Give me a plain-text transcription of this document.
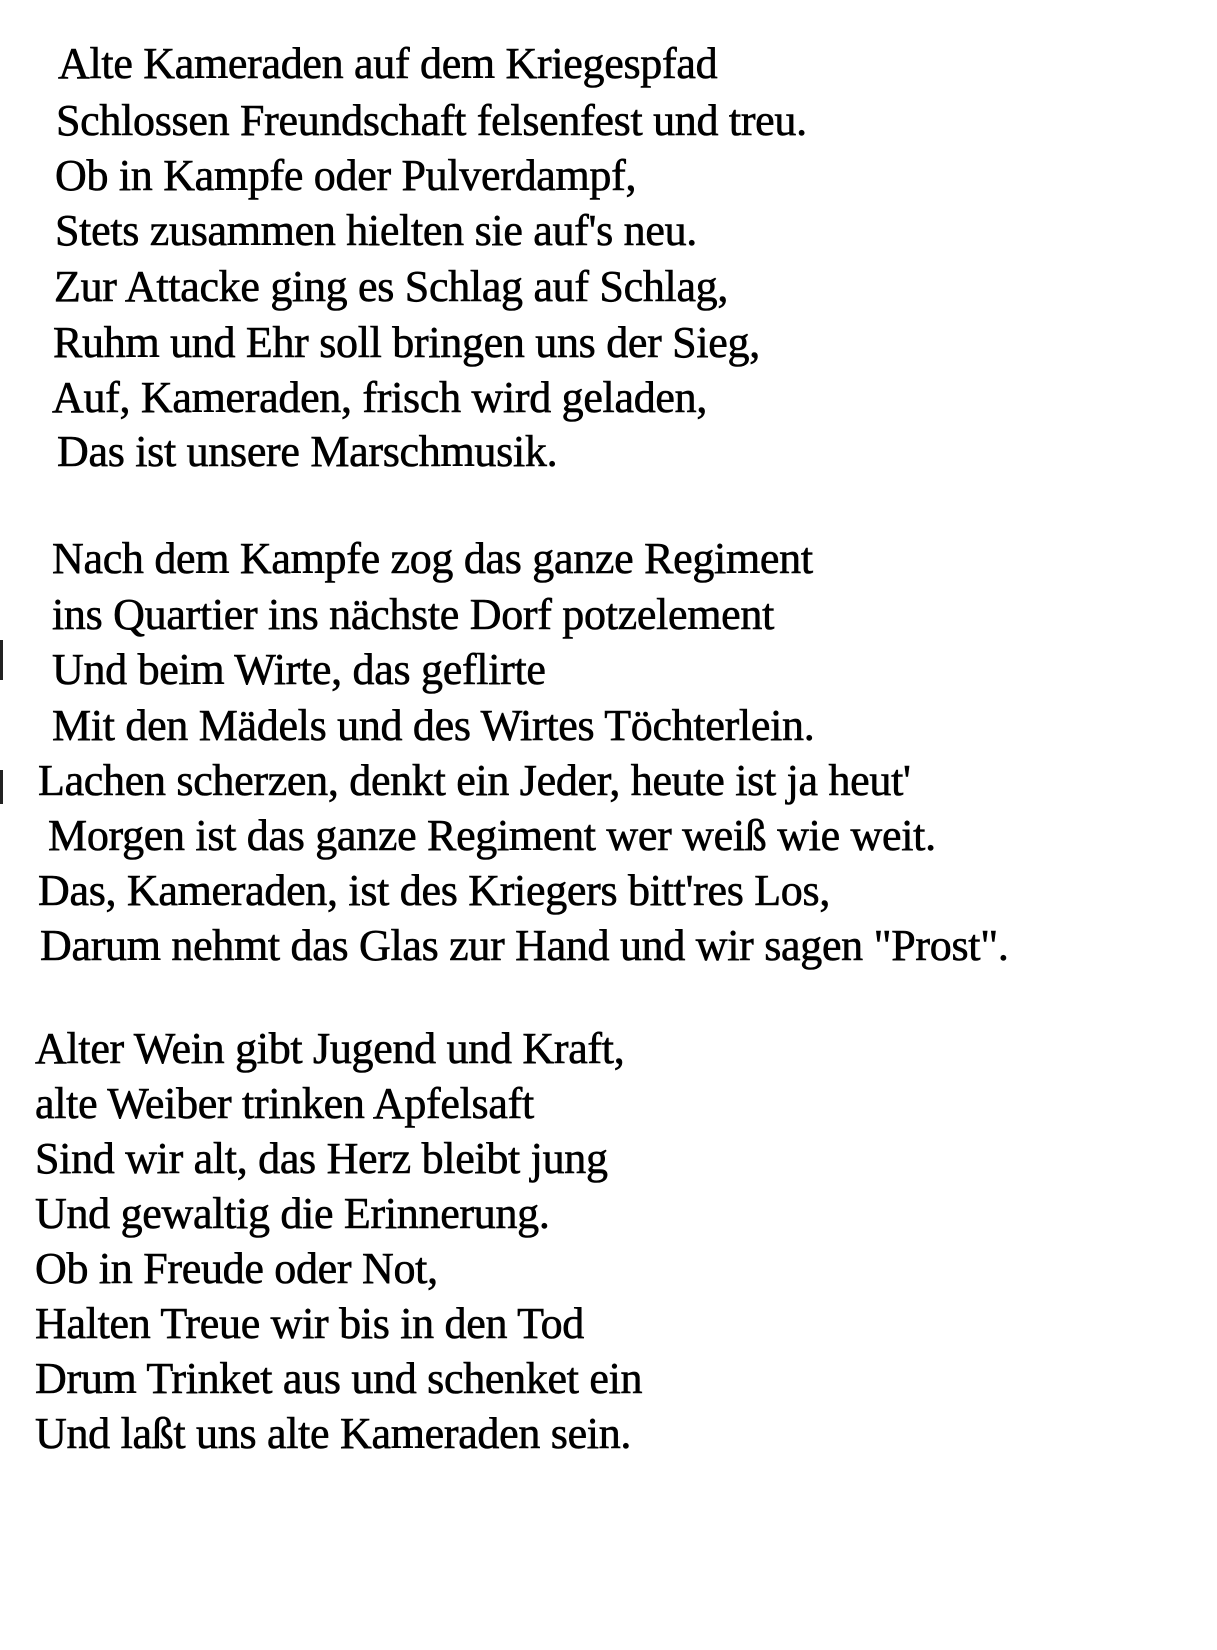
Alte Kameraden auf dem Kriegespfad
Schlossen Freundschaft felsenfest und treu.
Ob in Kampfe oder Pulverdampf,
Stets zusammen hielten sie auf's neu.
Zur Attacke ging es Schlag auf Schlag,
Ruhm und Ehr soll bringen uns der Sieg,
Auf, Kameraden, frisch wird geladen,
Das ist unsere Marschmusik.
Nach dem Kampfe zog das ganze Regiment
ins Quartier ins nächste Dorf potzelement
Und beim Wirte, das geflirte
Mit den Mädels und des Wirtes Töchterlein.
Lachen scherzen, denkt ein Jeder, heute ist ja heut'
Morgen ist das ganze Regiment wer weiß wie weit.
Das, Kameraden, ist des Kriegers bitt'res Los,
Darum nehmt das Glas zur Hand und wir sagen "Prost".
Alter Wein gibt Jugend und Kraft,
alte Weiber trinken Apfelsaft
Sind wir alt, das Herz bleibt jung
Und gewaltig die Erinnerung.
Ob in Freude oder Not,
Halten Treue wir bis in den Tod
Drum Trinket aus und schenket ein
Und laßt uns alte Kameraden sein.
